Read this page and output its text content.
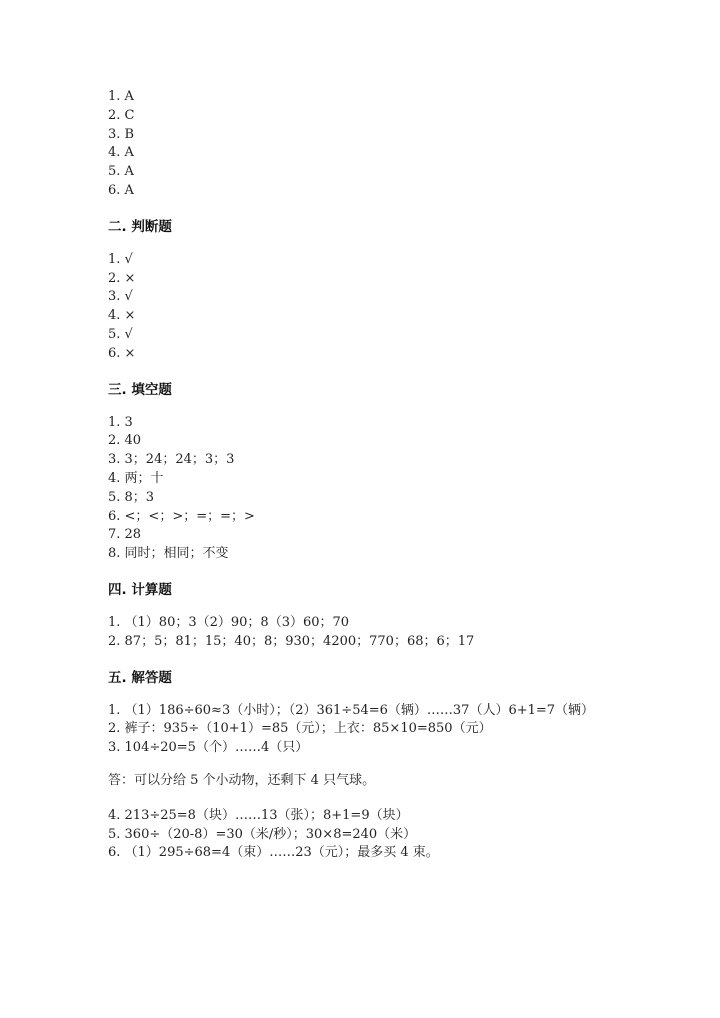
1. A
2. C
3. B
4. A
5. A
6. A
二. 判断题
1. √
2. ×
3. √
4. ×
5. √
6. ×
三. 填空题
1. 3
2. 40
3. 3；24；24；3；3
4. 两；十
5. 8；3
6. <；<；>；=；=；>
7. 28
8. 同时；相同；不变
四. 计算题
1. （1）80；3（2）90；8（3）60；70
2. 87；5；81；15；40；8；930；4200；770；68；6；17
五. 解答题
1. （1）186÷60≈3（小时）；（2）361÷54=6（辆）……37（人）6+1=7（辆）
2. 裤子：935÷（10+1）=85（元）；上衣：85×10=850（元）
3. 104÷20=5（个）……4（只）
答：可以分给 5 个小动物，还剩下 4 只气球。
4. 213÷25=8（块）……13（张）；8+1=9（块）
5. 360÷（20-8）=30（米/秒）；30×8=240（米）
6. （1）295÷68=4（束）……23（元）；最多买 4 束。
